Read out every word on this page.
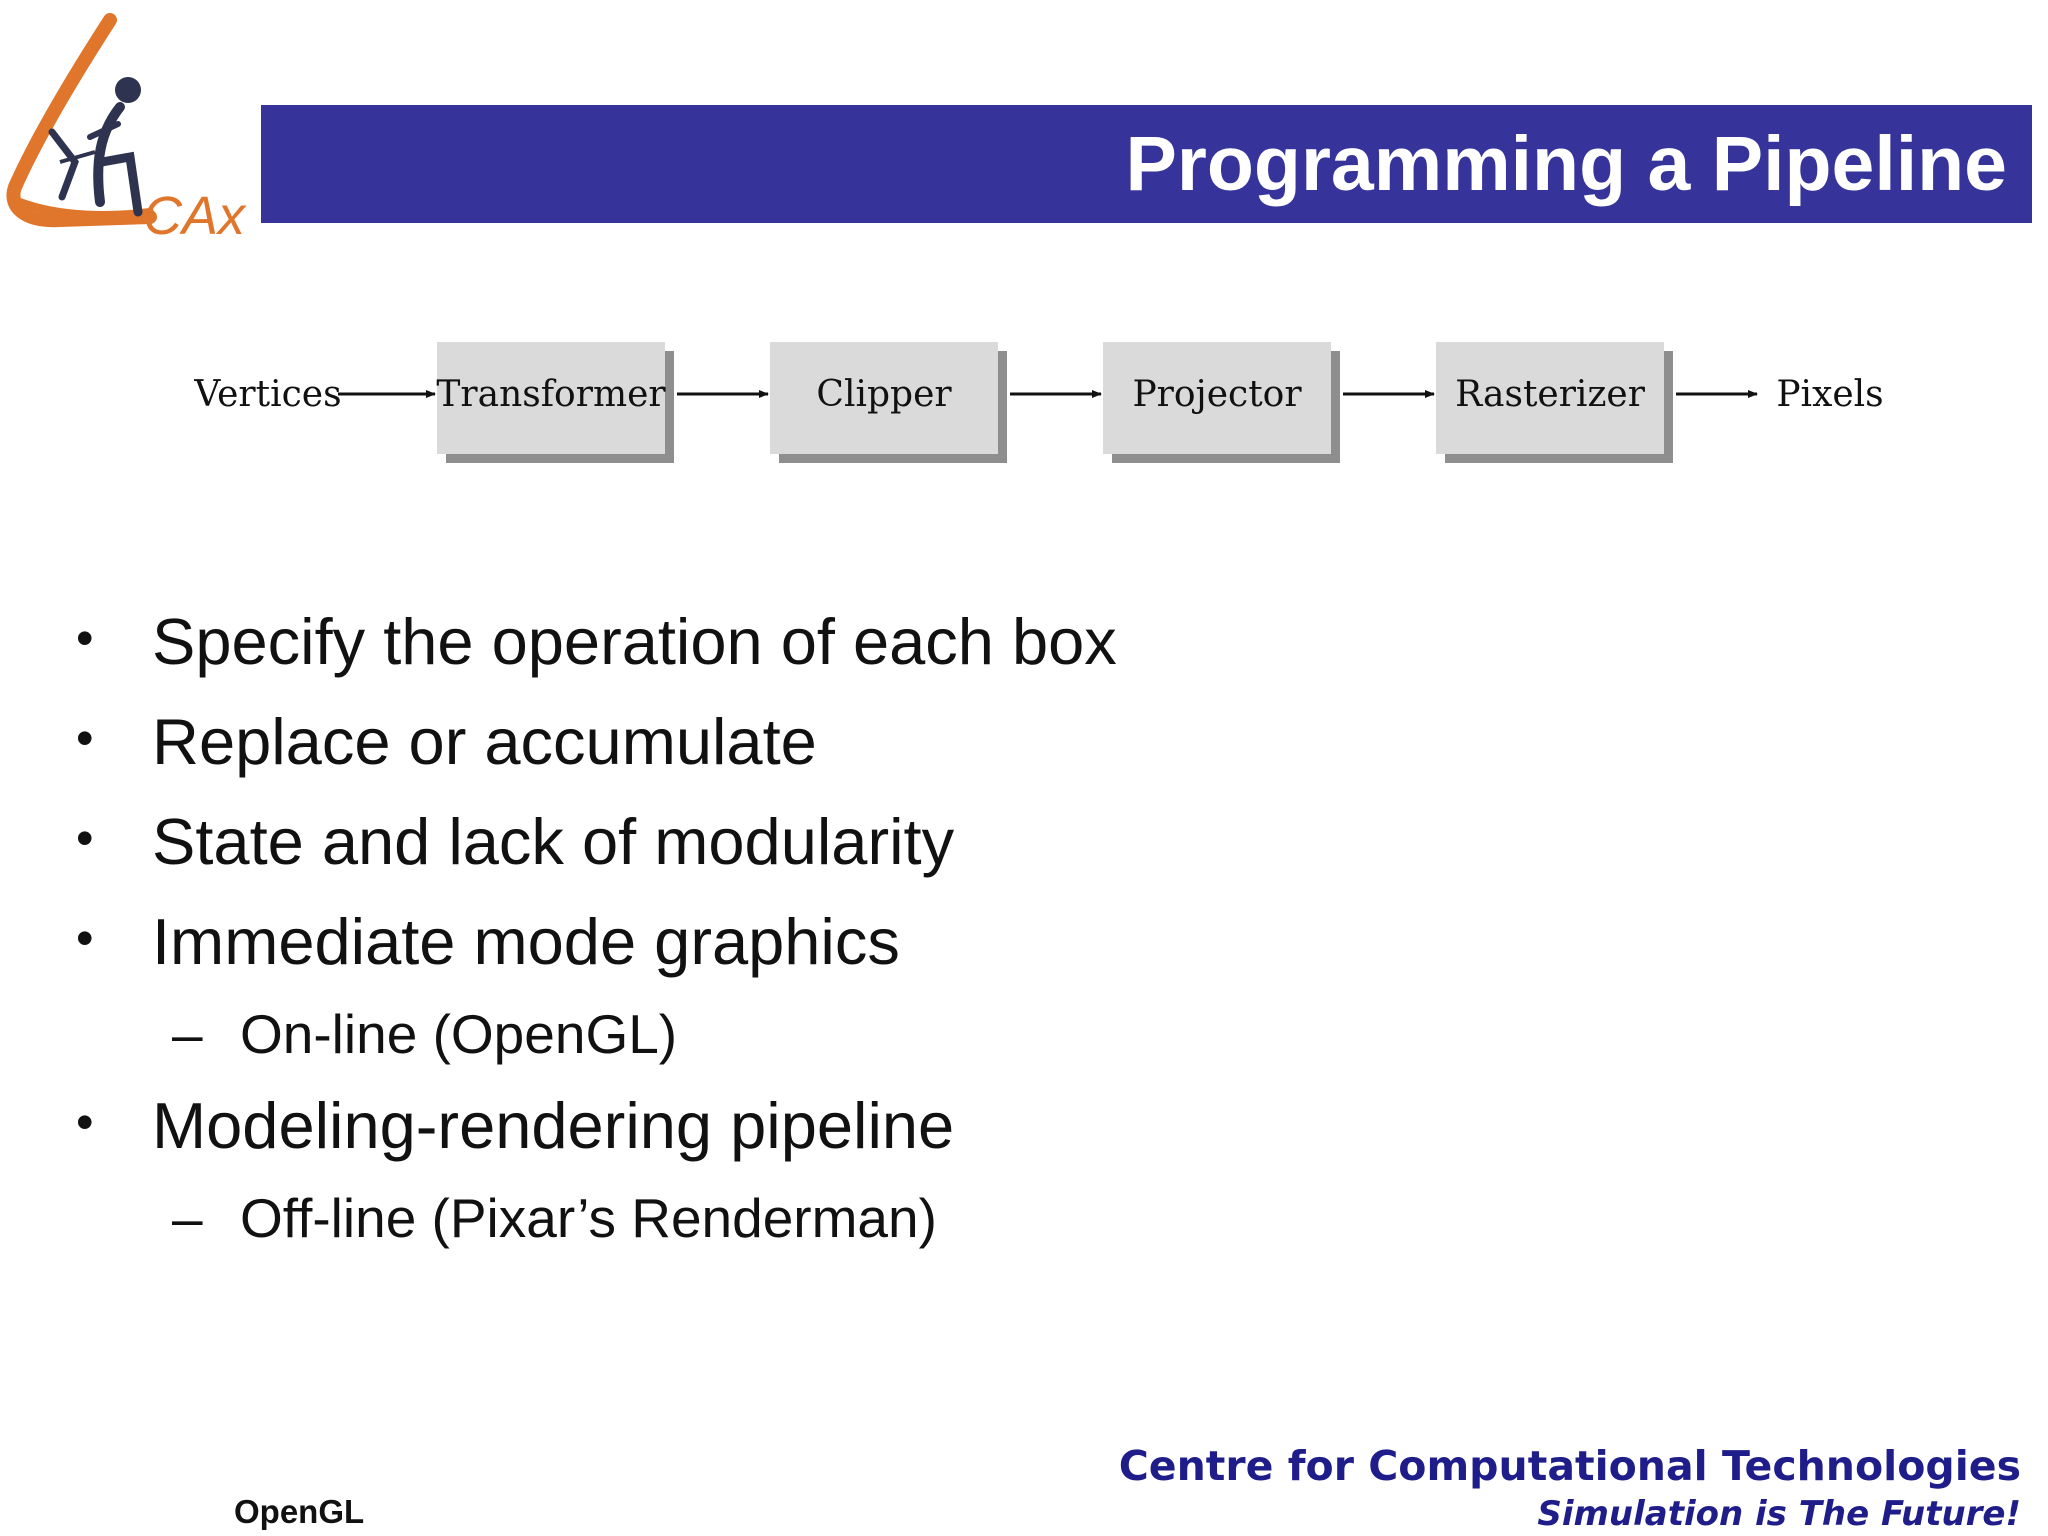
CAx
Programming a Pipeline
Vertices	Transformer	Clipper	Projector	Rasterizer	Pixels
• Specify the operation of each box
• Replace or accumulate
• State and lack of modularity
• Immediate mode graphics
– On-line (OpenGL)
• Modeling-rendering pipeline
– Off-line (Pixar’s Renderman)
OpenGL
Centre for Computational Technologies
Simulation is The Future!
